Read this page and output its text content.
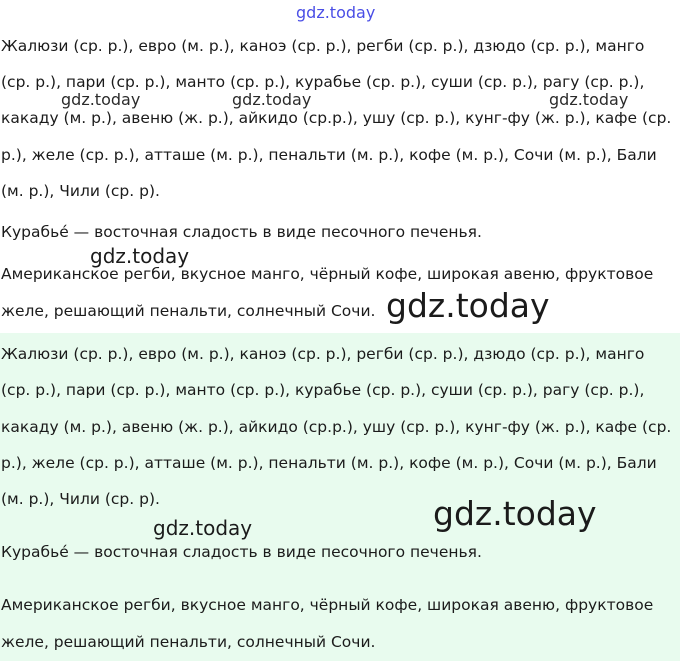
gdz.today

Жалюзи (ср. р.), евро (м. р.), каноэ (ср. р.), регби (ср. р.), дзюдо (ср. р.), манго (ср. р.), пари (ср. р.), манто (ср. р.), курабье (ср. р.), суши (ср. р.), рагу (ср. р.), какаду (м. р.), авеню (ж. р.), айкидо (ср.р.), ушу (ср. р.), кунг-фу (ж. р.), кафе (ср. р.), желе (ср. р.), атташе (м. р.), пенальти (м. р.), кофе (м. р.), Сочи (м. р.), Бали (м. р.), Чили (ср. р).

Курабье́ — восточная сладость в виде песочного печенья.

Американское регби, вкусное манго, чёрный кофе, широкая авеню, фруктовое желе, решающий пенальти, солнечный Сочи.

Жалюзи (ср. р.), евро (м. р.), каноэ (ср. р.), регби (ср. р.), дзюдо (ср. р.), манго (ср. р.), пари (ср. р.), манто (ср. р.), курабье (ср. р.), суши (ср. р.), рагу (ср. р.), какаду (м. р.), авеню (ж. р.), айкидо (ср.р.), ушу (ср. р.), кунг-фу (ж. р.), кафе (ср. р.), желе (ср. р.), атташе (м. р.), пенальти (м. р.), кофе (м. р.), Сочи (м. р.), Бали (м. р.), Чили (ср. р).

Курабье́ — восточная сладость в виде песочного печенья.

Американское регби, вкусное манго, чёрный кофе, широкая авеню, фруктовое желе, решающий пенальти, солнечный Сочи.

gdz.today	gdz.today	gdz.today
gdz.today
gdz.today
gdz.today	gdz.today
